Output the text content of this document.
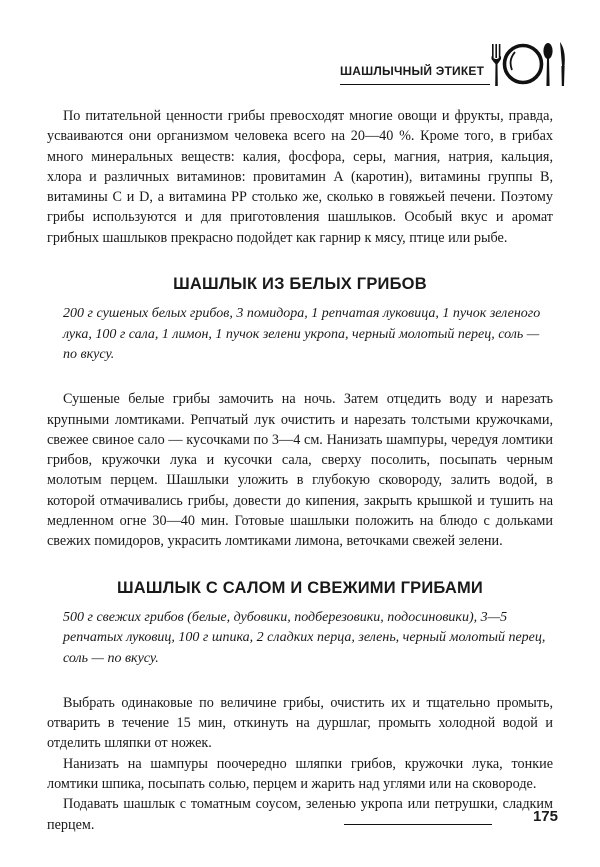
ШАШЛЫЧНЫЙ ЭТИКЕТ

По питательной ценности грибы превосходят многие овощи и фрукты, правда, усваиваются они организмом человека всего на 20—40 %. Кроме того, в грибах много минеральных веществ: калия, фосфора, серы, магния, натрия, кальция, хлора и различных витаминов: провитамин А (каротин), витамины группы В, витамины С и D, а витамина РР столько же, сколько в говяжьей печени. Поэтому грибы используются и для приготовления шашлыков. Особый вкус и аромат грибных шашлыков прекрасно подойдет как гарнир к мясу, птице или рыбе.

ШАШЛЫК ИЗ БЕЛЫХ ГРИБОВ

200 г сушеных белых грибов, 3 помидора, 1 репчатая луковица, 1 пучок зеленого лука, 100 г сала, 1 лимон, 1 пучок зелени укропа, черный молотый перец, соль — по вкусу.

Сушеные белые грибы замочить на ночь. Затем отцедить воду и нарезать крупными ломтиками. Репчатый лук очистить и нарезать толстыми кружочками, свежее свиное сало — кусочками по 3—4 см. Нанизать шампуры, чередуя ломтики грибов, кружочки лука и кусочки сала, сверху посолить, посыпать черным молотым перцем. Шашлыки уложить в глубокую сковороду, залить водой, в которой отмачивались грибы, довести до кипения, закрыть крышкой и тушить на медленном огне 30—40 мин. Готовые шашлыки положить на блюдо с дольками свежих помидоров, украсить ломтиками лимона, веточками свежей зелени.

ШАШЛЫК С САЛОМ И СВЕЖИМИ ГРИБАМИ

500 г свежих грибов (белые, дубовики, подберезовики, подосиновики), 3—5 репчатых луковиц, 100 г шпика, 2 сладких перца, зелень, черный молотый перец, соль — по вкусу.

Выбрать одинаковые по величине грибы, очистить их и тщательно промыть, отварить в течение 15 мин, откинуть на дуршлаг, промыть холодной водой и отделить шляпки от ножек.

Нанизать на шампуры поочередно шляпки грибов, кружочки лука, тонкие ломтики шпика, посыпать солью, перцем и жарить над углями или на сковороде.

Подавать шашлык с томатным соусом, зеленью укропа или петрушки, сладким перцем.	175
